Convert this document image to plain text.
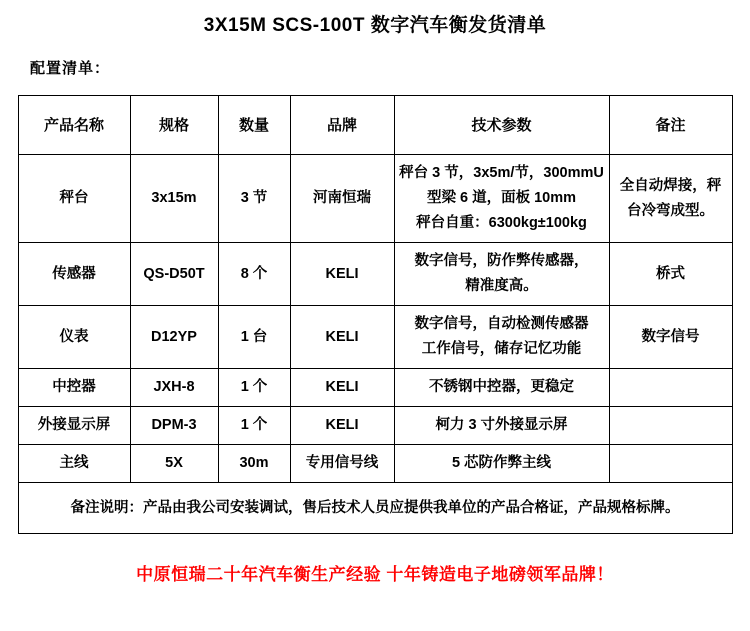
3X15M SCS-100T 数字汽车衡发货清单
配置清单：
产品名称	规格	数量	品牌	技术参数	备注
秤台	3x15m	3 节	河南恒瑞	秤台 3 节，3x5m/节，300mmU
型梁 6 道，面板 10mm
秤台自重：6300kg±100kg	全自动焊接，秤
台冷弯成型。

传感器	QS-D50T	8 个	KELI	数字信号，防作弊传感器，
精准度高。	桥式
仪表	D12YP	1 台	KELI	数字信号，自动检测传感器
工作信号，储存记忆功能	数字信号
中控器	JXH-8	1 个	KELI	不锈钢中控器，更稳定	
外接显示屏	DPM-3	1 个	KELI	柯力 3 寸外接显示屏	
主线	5X	30m	专用信号线	5 芯防作弊主线	
备注说明：产品由我公司安装调试，售后技术人员应提供我单位的产品合格证，产品规格标牌。					
中原恒瑞二十年汽车衡生产经验 十年铸造电子地磅领军品牌！
